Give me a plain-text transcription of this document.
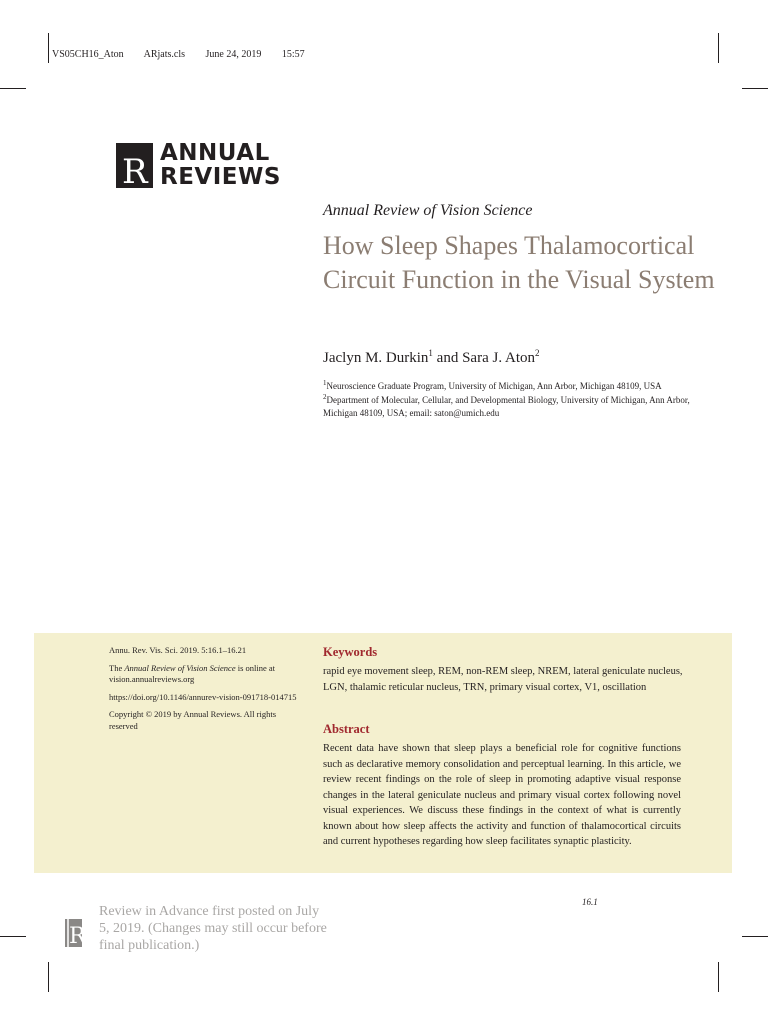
VS05CH16_Aton ARjats.cls June 24, 2019 15:57
R ANNUAL
REVIEWS
Annual Review of Vision Science
How Sleep Shapes Thalamocortical Circuit Function in the Visual System
Jaclyn M. Durkin$^1$ and Sara J. Aton$^2$
$^1$Neuroscience Graduate Program, University of Michigan, Ann Arbor, Michigan 48109, USA
$^2$Department of Molecular, Cellular, and Developmental Biology, University of Michigan, Ann Arbor, Michigan 48109, USA; email: saton@umich.edu

Annu. Rev. Vis. Sci. 2019. 5:16.1–16.21

The Annual Review of Vision Science is online at vision.annualreviews.org

https://doi.org/10.1146/annurev-vision-091718-014715

Copyright © 2019 by Annual Reviews. All rights reserved

Keywords
rapid eye movement sleep, REM, non-REM sleep, NREM, lateral geniculate nucleus, LGN, thalamic reticular nucleus, TRN, primary visual cortex, V1, oscillation
Abstract
Recent data have shown that sleep plays a beneficial role for cognitive functions such as declarative memory consolidation and perceptual learning. In this article, we review recent findings on the role of sleep in promoting adaptive visual response changes in the lateral geniculate nucleus and primary visual cortex following novel visual experiences. We discuss these findings in the context of what is currently known about how sleep affects the activity and function of thalamocortical circuits and current hypotheses regarding how sleep facilitates synaptic plasticity.
16.1
R
Review in Advance first posted on July 5, 2019. (Changes may still occur before final publication.)
